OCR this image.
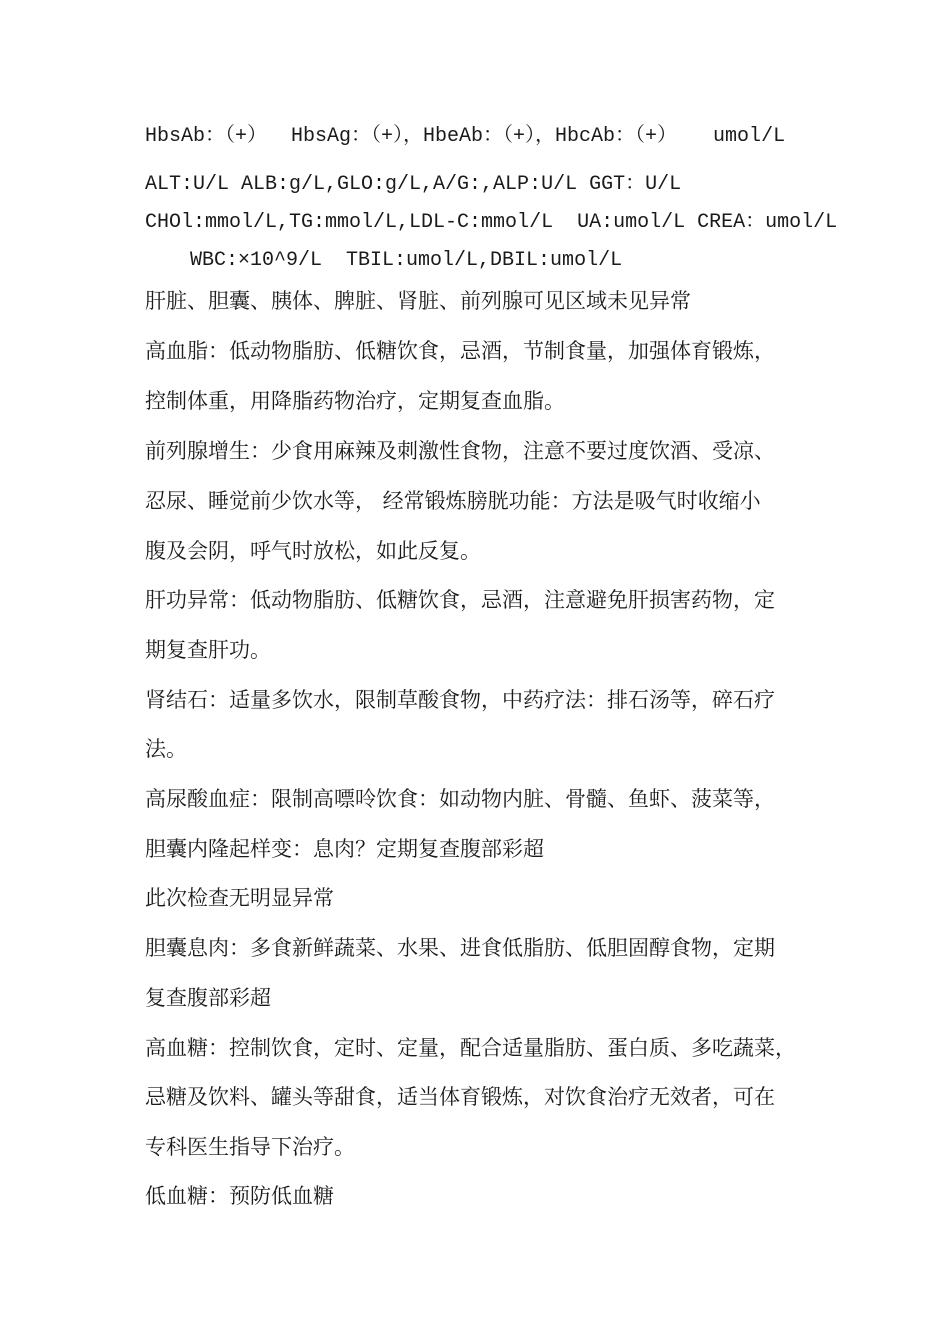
HbsAb：（+）  HbsAg：（+），HbeAb：（+），HbcAb：（+）   umol/L
ALT:U/L ALB:g/L,GLO:g/L,A/G:,ALP:U/L GGT：U/L
CHOl:mmol/L,TG:mmol/L,LDL-C:mmol/L  UA:umol/L CREA：umol/L
WBC:×10^9/L  TBIL:umol/L,DBIL:umol/L
肝脏、胆囊、胰体、脾脏、肾脏、前列腺可见区域未见异常
高血脂：低动物脂肪、低糖饮食，忌酒，节制食量，加强体育锻炼，
控制体重，用降脂药物治疗，定期复查血脂。
前列腺增生：少食用麻辣及刺激性食物，注意不要过度饮酒、受凉、
忍尿、睡觉前少饮水等， 经常锻炼膀胱功能：方法是吸气时收缩小
腹及会阴，呼气时放松，如此反复。
肝功异常：低动物脂肪、低糖饮食，忌酒，注意避免肝损害药物，定
期复查肝功。
肾结石：适量多饮水，限制草酸食物，中药疗法：排石汤等，碎石疗
法。
高尿酸血症：限制高嘌呤饮食：如动物内脏、骨髓、鱼虾、菠菜等，
胆囊内隆起样变：息肉？定期复查腹部彩超
此次检查无明显异常
胆囊息肉：多食新鲜蔬菜、水果、进食低脂肪、低胆固醇食物，定期
复查腹部彩超
高血糖：控制饮食，定时、定量，配合适量脂肪、蛋白质、多吃蔬菜，
忌糖及饮料、罐头等甜食，适当体育锻炼，对饮食治疗无效者，可在
专科医生指导下治疗。
低血糖：预防低血糖
